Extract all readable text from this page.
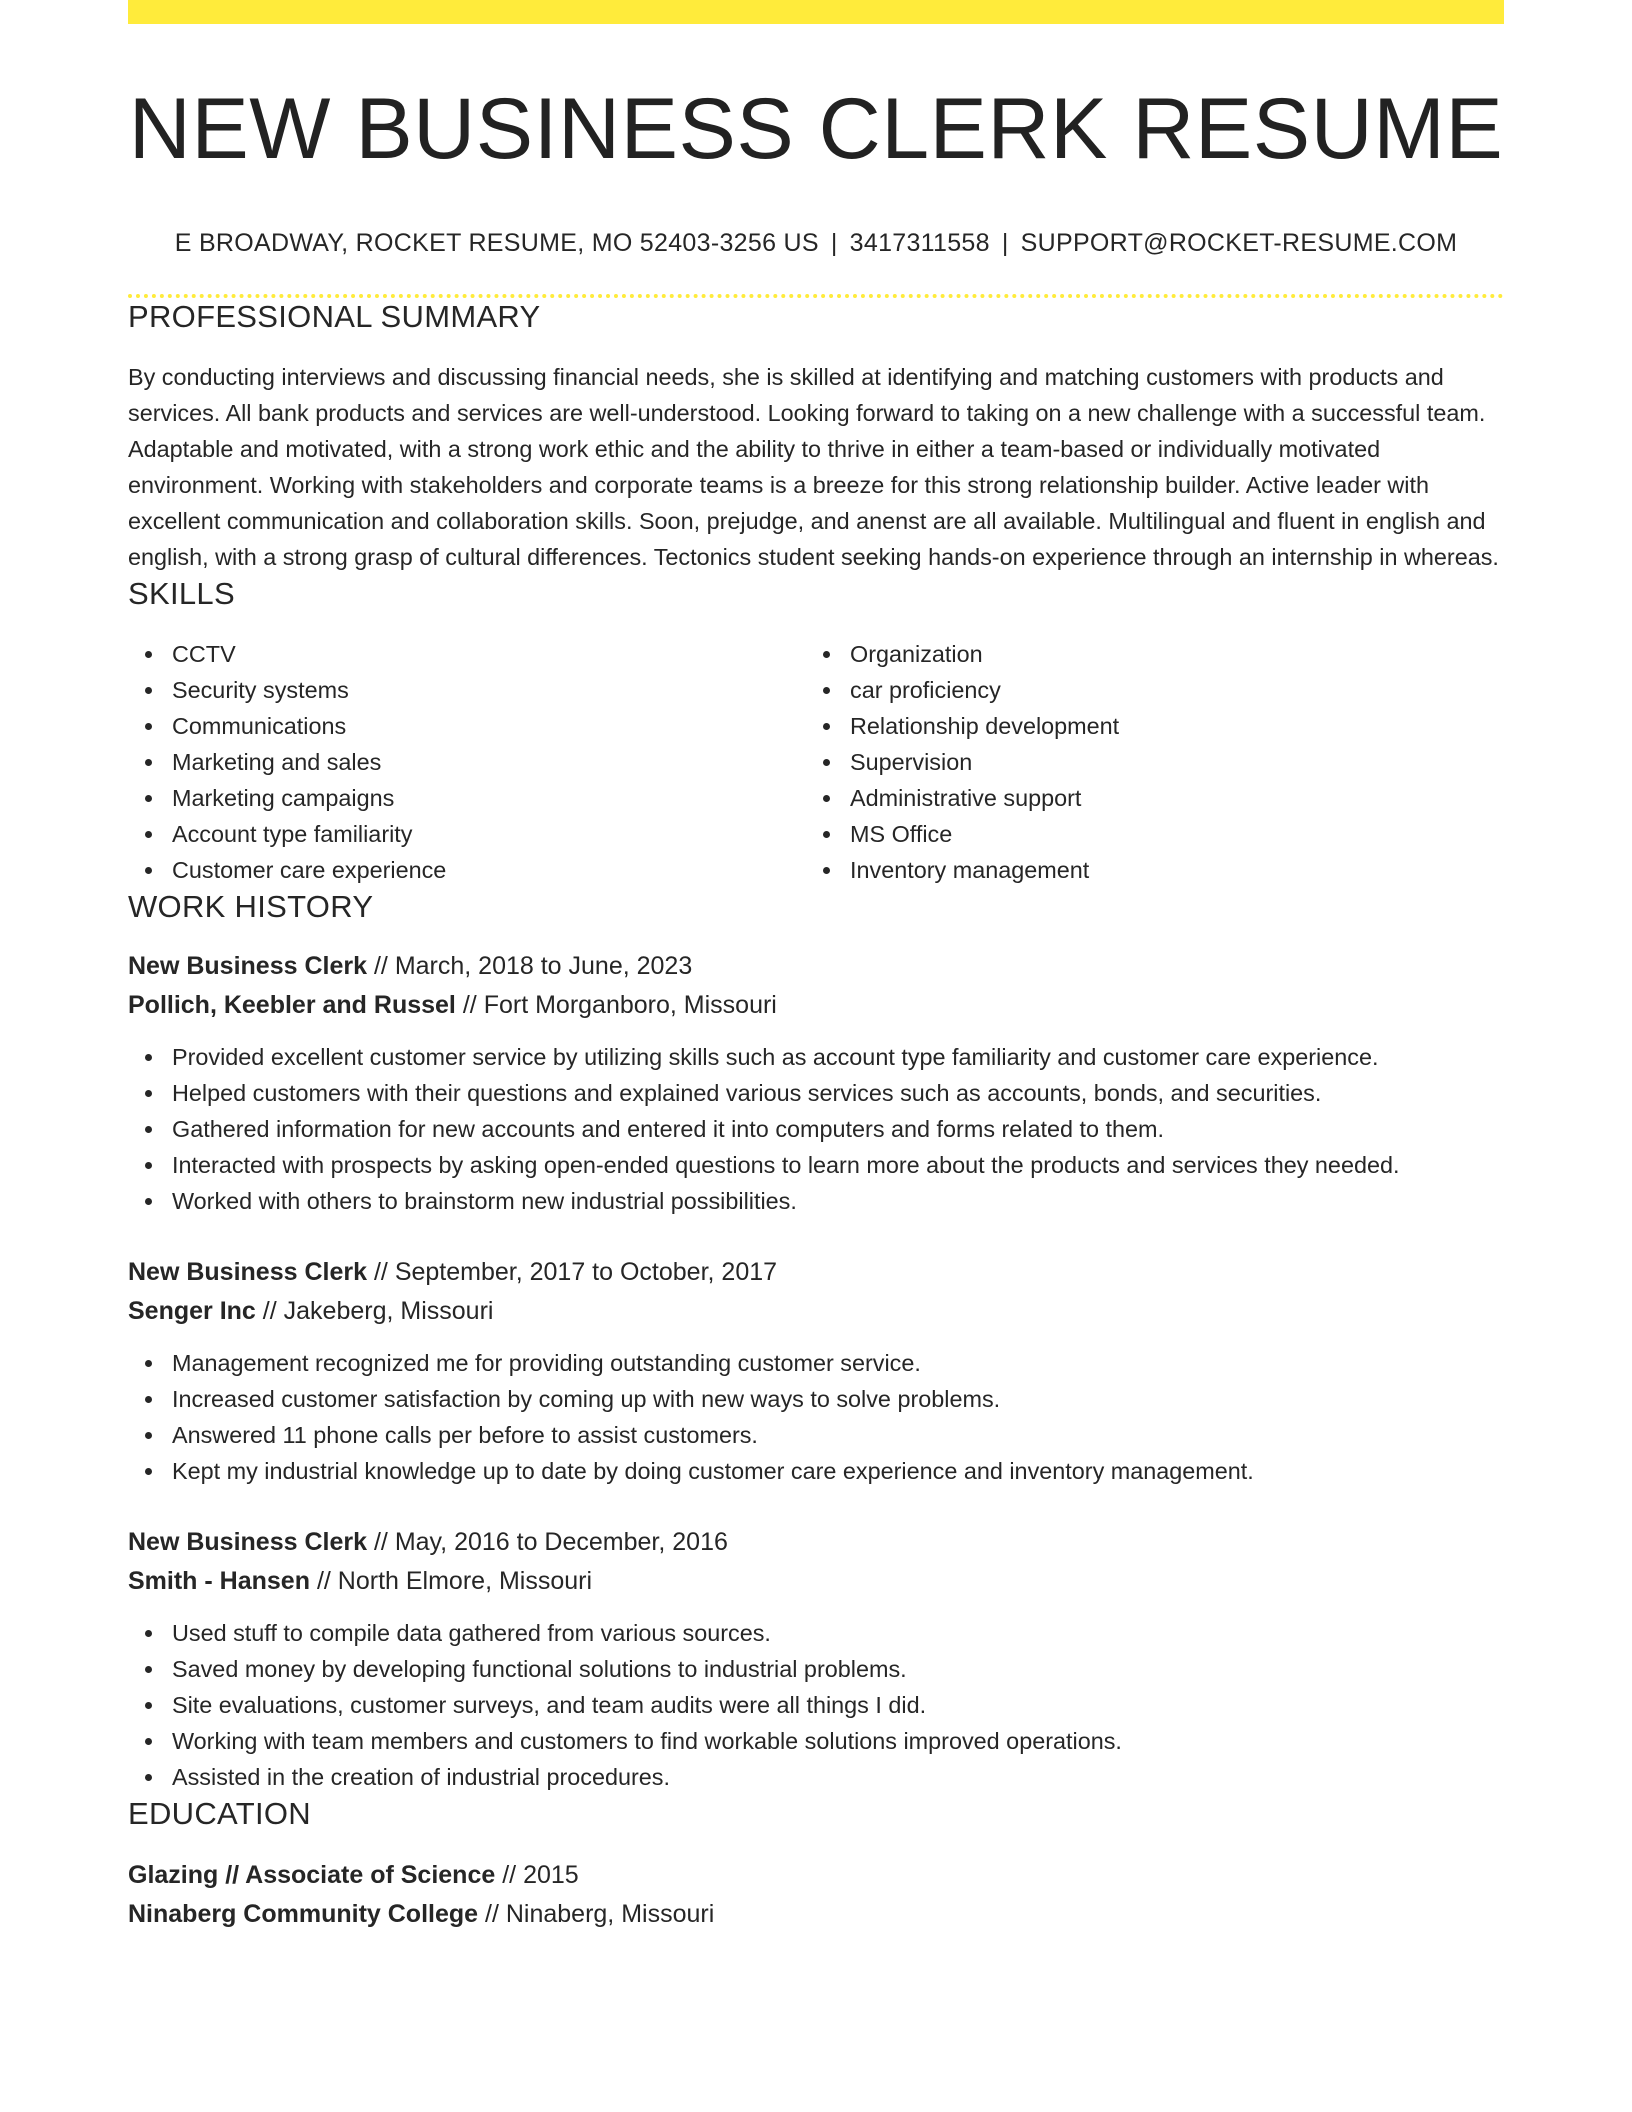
NEW BUSINESS CLERK RESUME
E BROADWAY, ROCKET RESUME, MO 52403-3256 US | 3417311558 | SUPPORT@ROCKET-RESUME.COM
PROFESSIONAL SUMMARY
By conducting interviews and discussing financial needs, she is skilled at identifying and matching customers with products and services. All bank products and services are well-understood. Looking forward to taking on a new challenge with a successful team. Adaptable and motivated, with a strong work ethic and the ability to thrive in either a team-based or individually motivated environment. Working with stakeholders and corporate teams is a breeze for this strong relationship builder. Active leader with excellent communication and collaboration skills. Soon, prejudge, and anenst are all available. Multilingual and fluent in english and english, with a strong grasp of cultural differences. Tectonics student seeking hands-on experience through an internship in whereas.
SKILLS
CCTV
Security systems
Communications
Marketing and sales
Marketing campaigns
Account type familiarity
Customer care experience
Organization
car proficiency
Relationship development
Supervision
Administrative support
MS Office
Inventory management
WORK HISTORY
New Business Clerk // March, 2018 to June, 2023
Pollich, Keebler and Russel // Fort Morganboro, Missouri
Provided excellent customer service by utilizing skills such as account type familiarity and customer care experience.
Helped customers with their questions and explained various services such as accounts, bonds, and securities.
Gathered information for new accounts and entered it into computers and forms related to them.
Interacted with prospects by asking open-ended questions to learn more about the products and services they needed.
Worked with others to brainstorm new industrial possibilities.
New Business Clerk // September, 2017 to October, 2017
Senger Inc // Jakeberg, Missouri
Management recognized me for providing outstanding customer service.
Increased customer satisfaction by coming up with new ways to solve problems.
Answered 11 phone calls per before to assist customers.
Kept my industrial knowledge up to date by doing customer care experience and inventory management.
New Business Clerk // May, 2016 to December, 2016
Smith - Hansen // North Elmore, Missouri
Used stuff to compile data gathered from various sources.
Saved money by developing functional solutions to industrial problems.
Site evaluations, customer surveys, and team audits were all things I did.
Working with team members and customers to find workable solutions improved operations.
Assisted in the creation of industrial procedures.
EDUCATION
Glazing // Associate of Science // 2015
Ninaberg Community College // Ninaberg, Missouri
